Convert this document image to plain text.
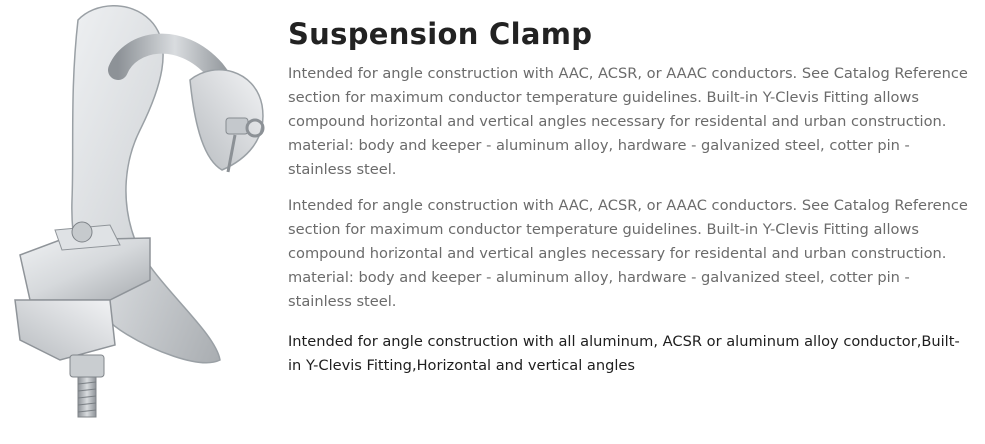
Suspension Clamp

Intended for angle construction with AAC, ACSR, or AAAC conductors. See Catalog Reference section for maximum conductor temperature guidelines. Built-in Y-Clevis Fitting allows compound horizontal and vertical angles necessary for residental and urban construction. material: body and keeper - aluminum alloy, hardware - galvanized steel, cotter pin - stainless steel.

Intended for angle construction with AAC, ACSR, or AAAC conductors. See Catalog Reference section for maximum conductor temperature guidelines. Built-in Y-Clevis Fitting allows compound horizontal and vertical angles necessary for residental and urban construction. material: body and keeper - aluminum alloy, hardware - galvanized steel, cotter pin - stainless steel.

Intended for angle construction with all aluminum, ACSR or aluminum alloy conductor,Built-in Y-Clevis Fitting,Horizontal and vertical angles
